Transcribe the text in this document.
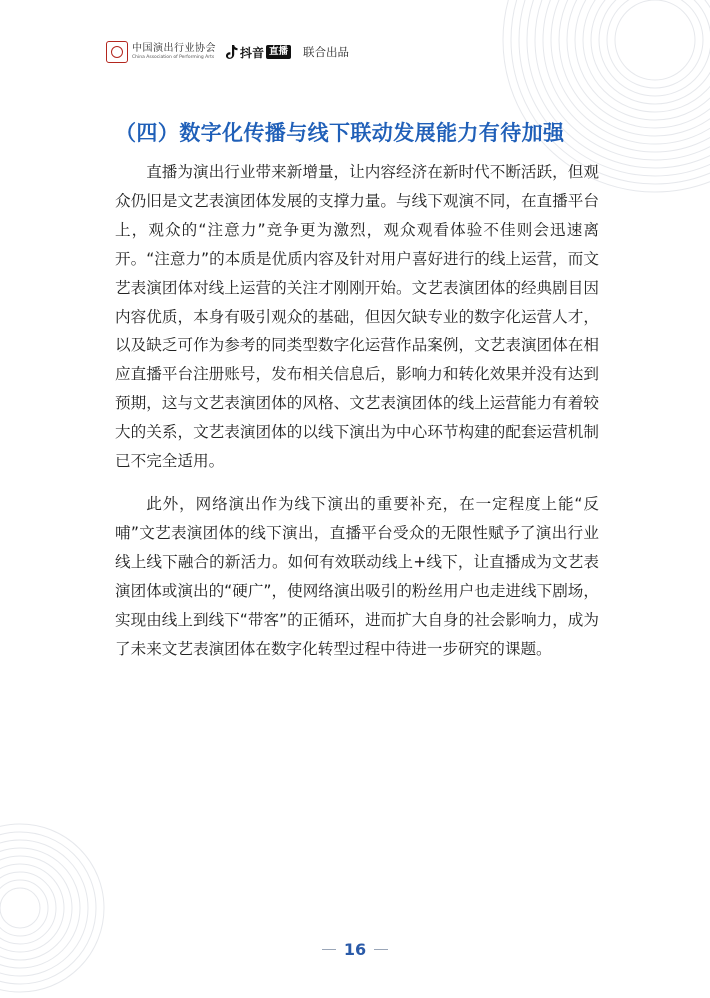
中国演出行业协会
China Association of Performing Arts 抖音 直播 联合出品
（四）数字化传播与线下联动发展能力有待加强

直播为演出行业带来新增量，让内容经济在新时代不断活跃，但观众仍旧是文艺表演团体发展的支撑力量。与线下观演不同，在直播平台上，观众的“注意力”竞争更为激烈，观众观看体验不佳则会迅速离开。“注意力”的本质是优质内容及针对用户喜好进行的线上运营，而文艺表演团体对线上运营的关注才刚刚开始。文艺表演团体的经典剧目因内容优质，本身有吸引观众的基础，但因欠缺专业的数字化运营人才，以及缺乏可作为参考的同类型数字化运营作品案例，文艺表演团体在相应直播平台注册账号，发布相关信息后，影响力和转化效果并没有达到预期，这与文艺表演团体的风格、文艺表演团体的线上运营能力有着较大的关系，文艺表演团体的以线下演出为中心环节构建的配套运营机制已不完全适用。

此外，网络演出作为线下演出的重要补充，在一定程度上能“反哺”文艺表演团体的线下演出，直播平台受众的无限性赋予了演出行业线上线下融合的新活力。如何有效联动线上+线下，让直播成为文艺表演团体或演出的“硬广”，使网络演出吸引的粉丝用户也走进线下剧场，实现由线上到线下“带客”的正循环，进而扩大自身的社会影响力，成为了未来文艺表演团体在数字化转型过程中待进一步研究的课题。

16
